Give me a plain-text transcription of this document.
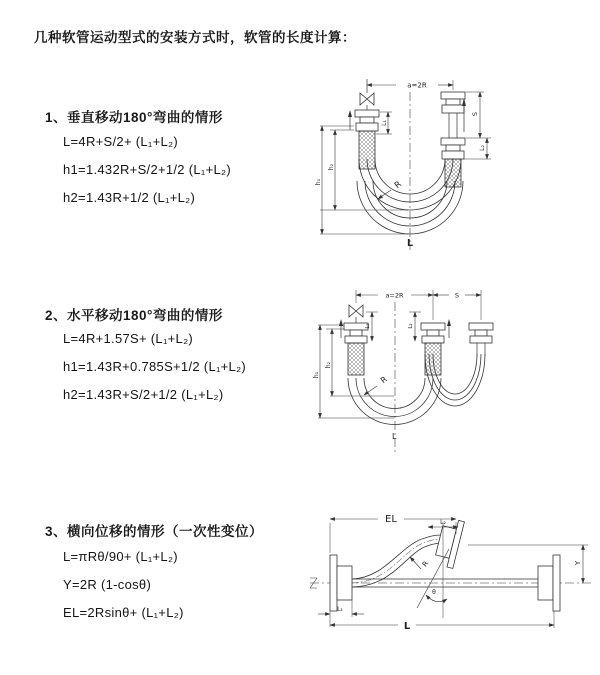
几种软管运动型式的安装方式时，软管的长度计算：
1、垂直移动180°弯曲的情形
L=4R+S/2+ (L₁+L₂)
h1=1.432R+S/2+1/2 (L₁+L₂)
h2=1.43R+1/2 (L₁+L₂)
2、水平移动180°弯曲的情形
L=4R+1.57S+ (L₁+L₂)
h1=1.43R+0.785S+1/2 (L₁+L₂)
h2=1.43R+S/2+1/2 (L₁+L₂)
3、横向位移的情形（一次性变位）
L=πRθ/90+ (L₁+L₂)
Y=2R (1-cosθ)
EL=2Rsinθ+ (L₁+L₂)
a=2R
L₁
S
L₂
h₁
h₂
R
L
a=2R	S
L₁	L₂
h₁
h₂
R
L
EL	L₂
Y
R
θ
L₁
L
